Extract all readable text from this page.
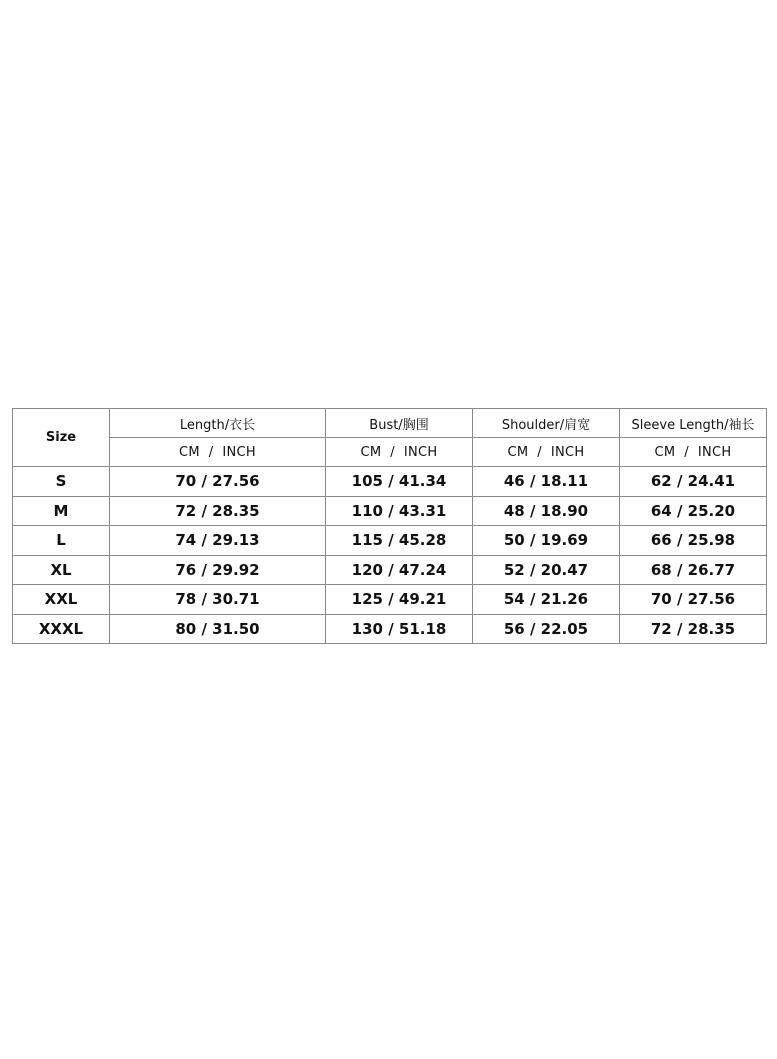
Size	Length/衣长	Bust/胸围	Shoulder/肩宽	Sleeve Length/袖长
	CM  /  INCH	CM  /  INCH	CM  /  INCH	CM  /  INCH
S	70 / 27.56	105 / 41.34	46 / 18.11	62 / 24.41
M	72 / 28.35	110 / 43.31	48 / 18.90	64 / 25.20
L	74 / 29.13	115 / 45.28	50 / 19.69	66 / 25.98
XL	76 / 29.92	120 / 47.24	52 / 20.47	68 / 26.77
XXL	78 / 30.71	125 / 49.21	54 / 21.26	70 / 27.56
XXXL	80 / 31.50	130 / 51.18	56 / 22.05	72 / 28.35
